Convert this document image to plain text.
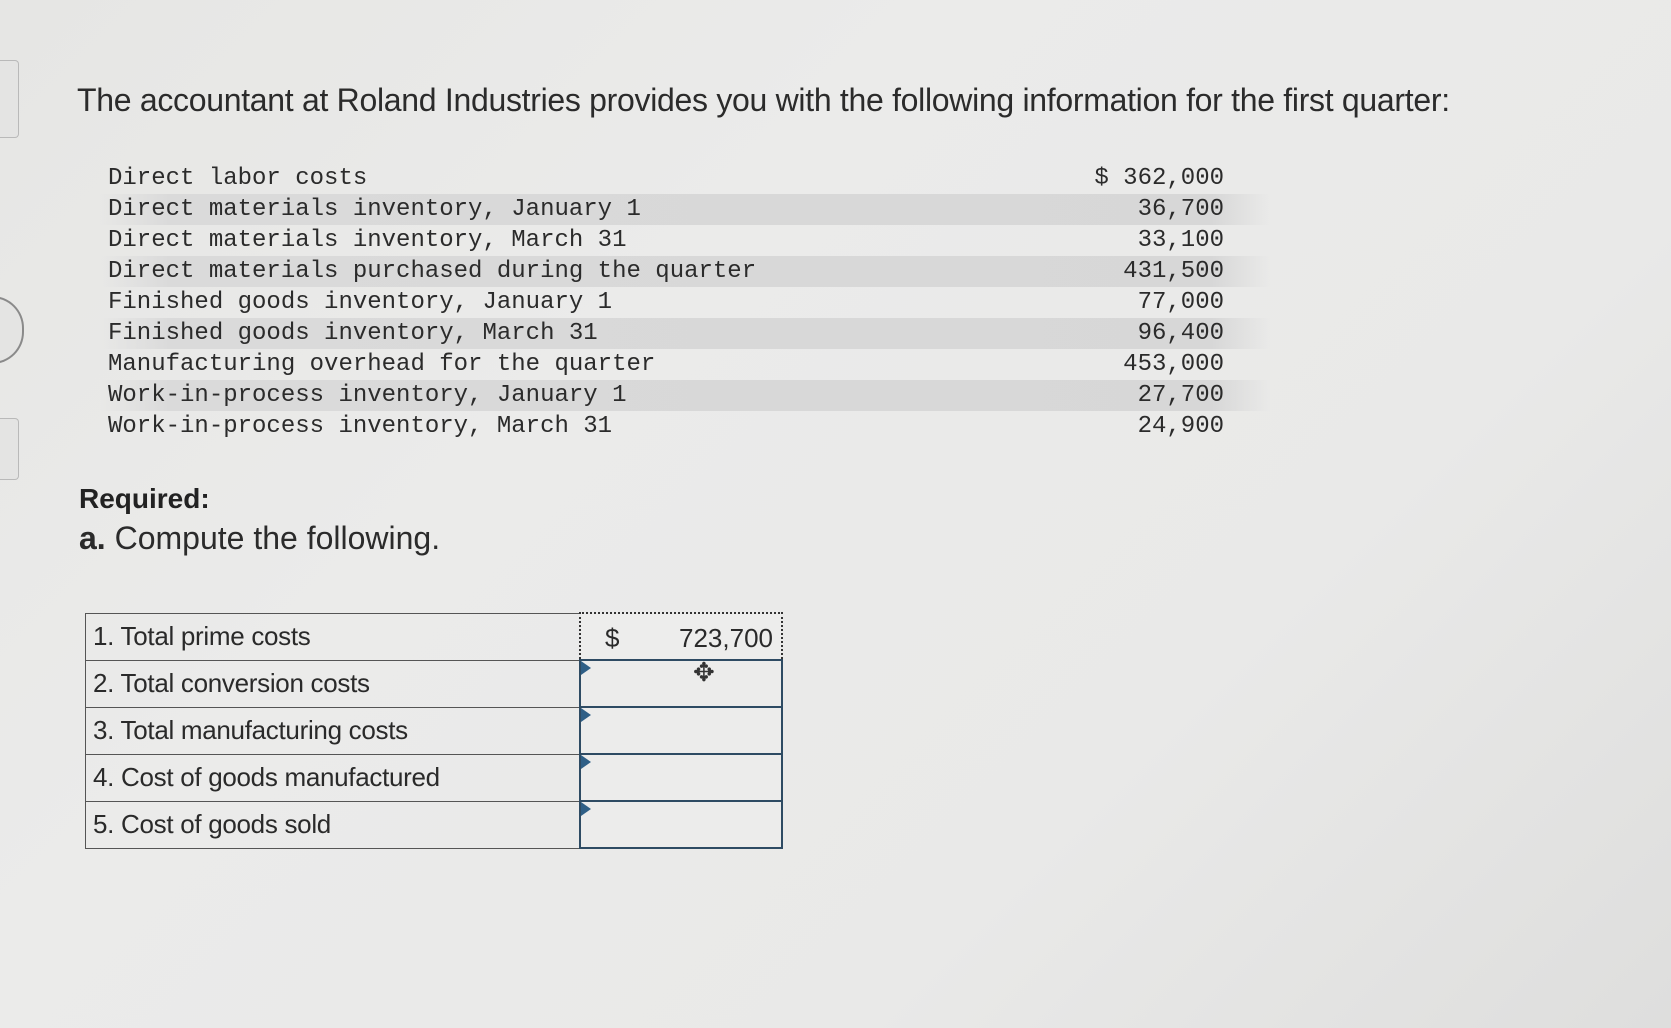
The accountant at Roland Industries provides you with the following information for the first quarter:
Direct labor costs	$ 362,000
Direct materials inventory, January 1	36,700
Direct materials inventory, March 31	33,100
Direct materials purchased during the quarter	431,500
Finished goods inventory, January 1	77,000
Finished goods inventory, March 31	96,400
Manufacturing overhead for the quarter	453,000
Work-in-process inventory, January 1	27,700
Work-in-process inventory, March 31	24,900
Required:
a. Compute the following.
1. Total prime costs	$ 723,700

2. Total conversion costs	✥

3. Total manufacturing costs	

4. Cost of goods manufactured	

5. Cost of goods sold	
